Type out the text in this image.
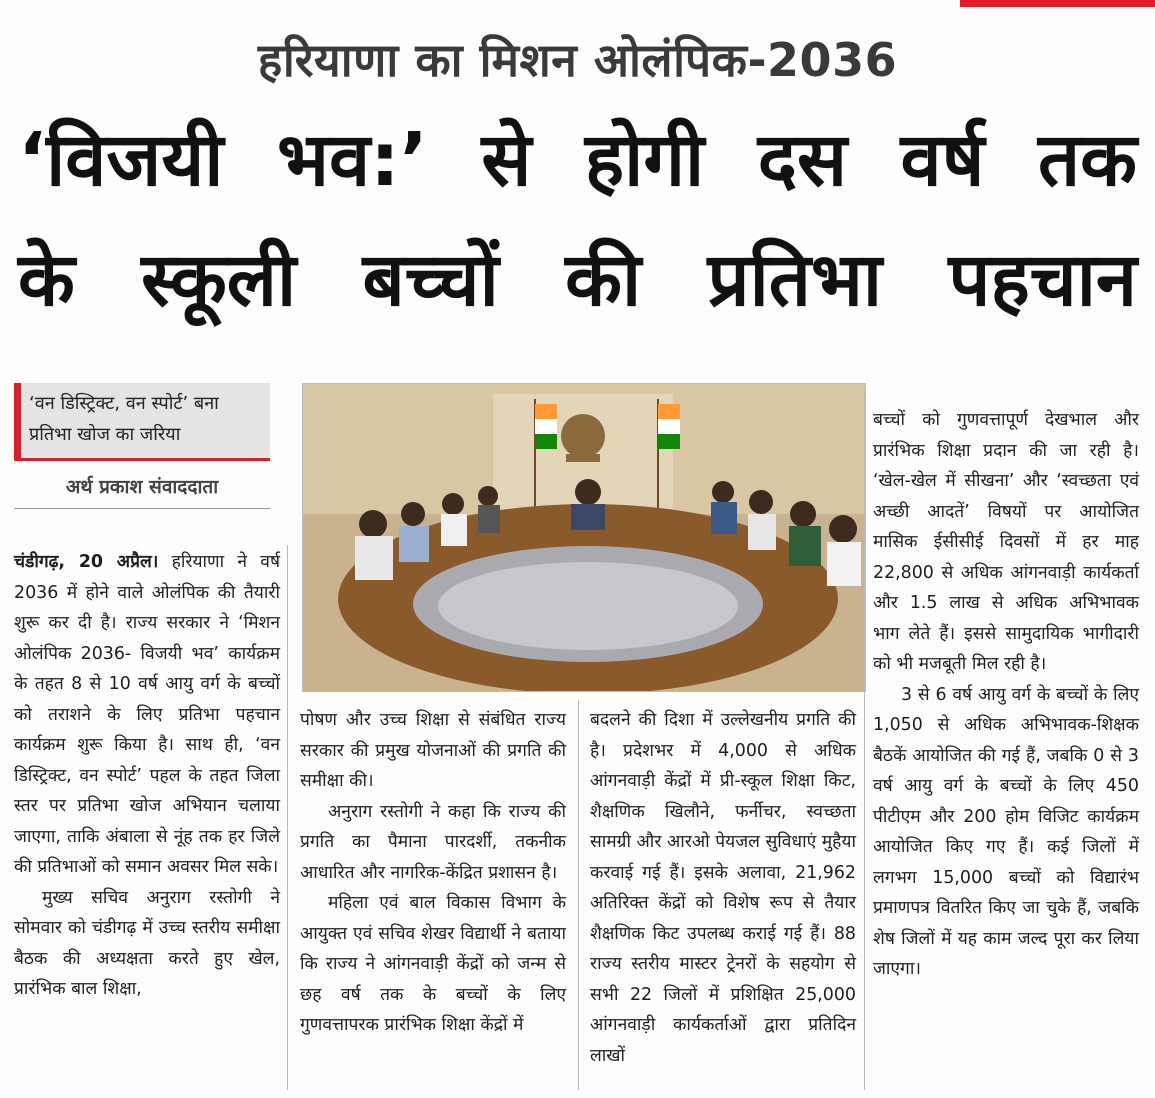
हरियाणा का मिशन ओलंपिक-2036
‘विजयी भव:’ से होगी दस वर्ष तक
के स्कूली बच्चों की प्रतिभा पहचान
‘वन डिस्ट्रिक्ट, वन स्पोर्ट’ बना प्रतिभा खोज का जरिया
अर्थ प्रकाश संवाददाता

चंडीगढ़, 20 अप्रैल। हरियाणा ने वर्ष 2036 में होने वाले ओलंपिक की तैयारी शुरू कर दी है। राज्य सरकार ने ‘मिशन ओलंपिक 2036- विजयी भव’ कार्यक्रम के तहत 8 से 10 वर्ष आयु वर्ग के बच्चों को तराशने के लिए प्रतिभा पहचान कार्यक्रम शुरू किया है। साथ ही, ‘वन डिस्ट्रिक्ट, वन स्पोर्ट’ पहल के तहत जिला स्तर पर प्रतिभा खोज अभियान चलाया जाएगा, ताकि अंबाला से नूंह तक हर जिले की प्रतिभाओं को समान अवसर मिल सके।

मुख्य सचिव अनुराग रस्तोगी ने सोमवार को चंडीगढ़ में उच्च स्तरीय समीक्षा बैठक की अध्यक्षता करते हुए खेल, प्रारंभिक बाल शिक्षा,

पोषण और उच्च शिक्षा से संबंधित राज्य सरकार की प्रमुख योजनाओं की प्रगति की समीक्षा की।

अनुराग रस्तोगी ने कहा कि राज्य की प्रगति का पैमाना पारदर्शी, तकनीक आधारित और नागरिक-केंद्रित प्रशासन है।

महिला एवं बाल विकास विभाग के आयुक्त एवं सचिव शेखर विद्यार्थी ने बताया कि राज्य ने आंगनवाड़ी केंद्रों को जन्म से छह वर्ष तक के बच्चों के लिए गुणवत्तापरक प्रारंभिक शिक्षा केंद्रों में

बदलने की दिशा में उल्लेखनीय प्रगति की है। प्रदेशभर में 4,000 से अधिक आंगनवाड़ी केंद्रों में प्री-स्कूल शिक्षा किट, शैक्षणिक खिलौने, फर्नीचर, स्वच्छता सामग्री और आरओ पेयजल सुविधाएं मुहैया करवाई गई हैं। इसके अलावा, 21,962 अतिरिक्त केंद्रों को विशेष रूप से तैयार शैक्षणिक किट उपलब्ध कराई गई हैं। 88 राज्य स्तरीय मास्टर ट्रेनरों के सहयोग से सभी 22 जिलों में प्रशिक्षित 25,000 आंगनवाड़ी कार्यकर्ताओं द्वारा प्रतिदिन लाखों

बच्चों को गुणवत्तापूर्ण देखभाल और प्रारंभिक शिक्षा प्रदान की जा रही है। ‘खेल-खेल में सीखना’ और ‘स्वच्छता एवं अच्छी आदतें’ विषयों पर आयोजित मासिक ईसीसीई दिवसों में हर माह 22,800 से अधिक आंगनवाड़ी कार्यकर्ता और 1.5 लाख से अधिक अभिभावक भाग लेते हैं। इससे सामुदायिक भागीदारी को भी मजबूती मिल रही है।

3 से 6 वर्ष आयु वर्ग के बच्चों के लिए 1,050 से अधिक अभिभावक-शिक्षक बैठकें आयोजित की गई हैं, जबकि 0 से 3 वर्ष आयु वर्ग के बच्चों के लिए 450 पीटीएम और 200 होम विजिट कार्यक्रम आयोजित किए गए हैं। कई जिलों में लगभग 15,000 बच्चों को विद्यारंभ प्रमाणपत्र वितरित किए जा चुके हैं, जबकि शेष जिलों में यह काम जल्द पूरा कर लिया जाएगा।
